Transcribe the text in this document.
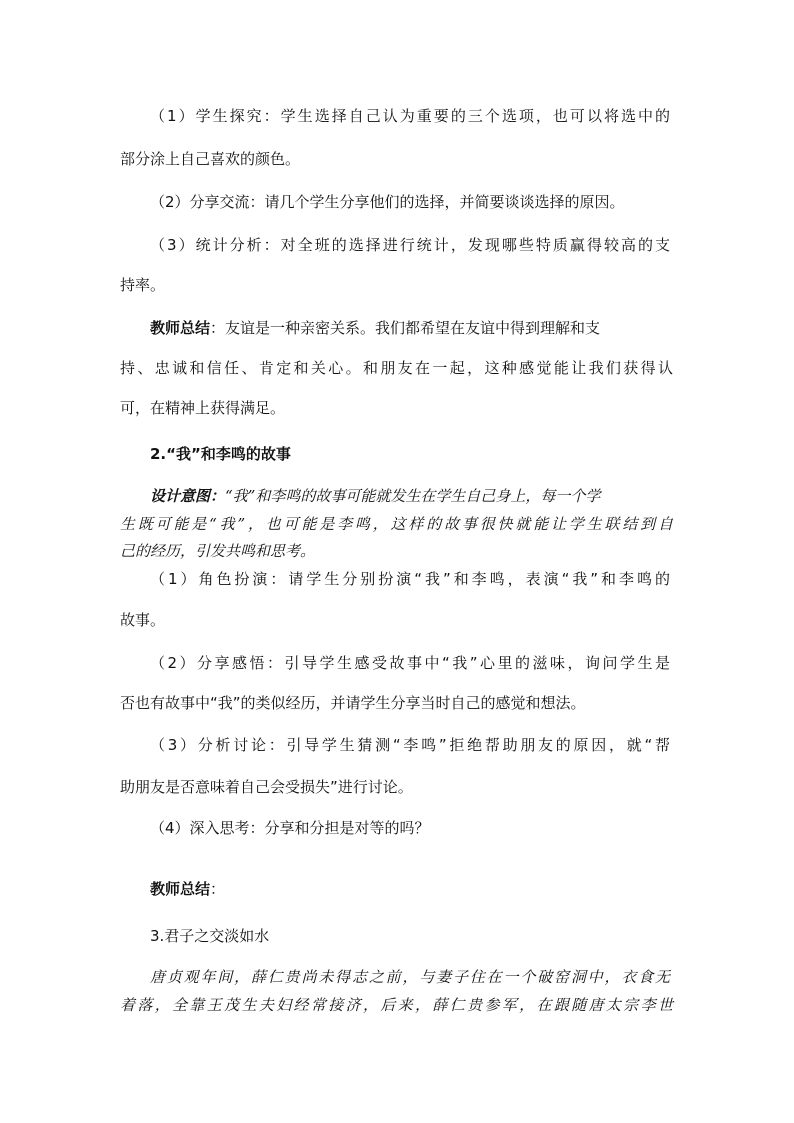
（1）学生探究：学生选择自己认为重要的三个选项，也可以将选中的
部分涂上自己喜欢的颜色。
（2）分享交流：请几个学生分享他们的选择，并简要谈谈选择的原因。
（3）统计分析：对全班的选择进行统计，发现哪些特质赢得较高的支
持率。
教师总结：友谊是一种亲密关系。我们都希望在友谊中得到理解和支
持、忠诚和信任、肯定和关心。和朋友在一起，这种感觉能让我们获得认
可，在精神上获得满足。
2.“我”和李鸣的故事
设计意图：“我”和李鸣的故事可能就发生在学生自己身上，每一个学
生既可能是“我”，也可能是李鸣，这样的故事很快就能让学生联结到自
己的经历，引发共鸣和思考。
（1）角色扮演：请学生分别扮演“我”和李鸣，表演“我”和李鸣的
故事。
（2）分享感悟：引导学生感受故事中“我”心里的滋味，询问学生是
否也有故事中“我”的类似经历，并请学生分享当时自己的感觉和想法。
（3）分析讨论：引导学生猜测“李鸣”拒绝帮助朋友的原因，就“帮
助朋友是否意味着自己会受损失”进行讨论。
（4）深入思考：分享和分担是对等的吗？
教师总结：
3.君子之交淡如水
唐贞观年间，薛仁贵尚未得志之前，与妻子住在一个破窑洞中，衣食无
着落，全靠王茂生夫妇经常接济，后来，薛仁贵参军，在跟随唐太宗李世
